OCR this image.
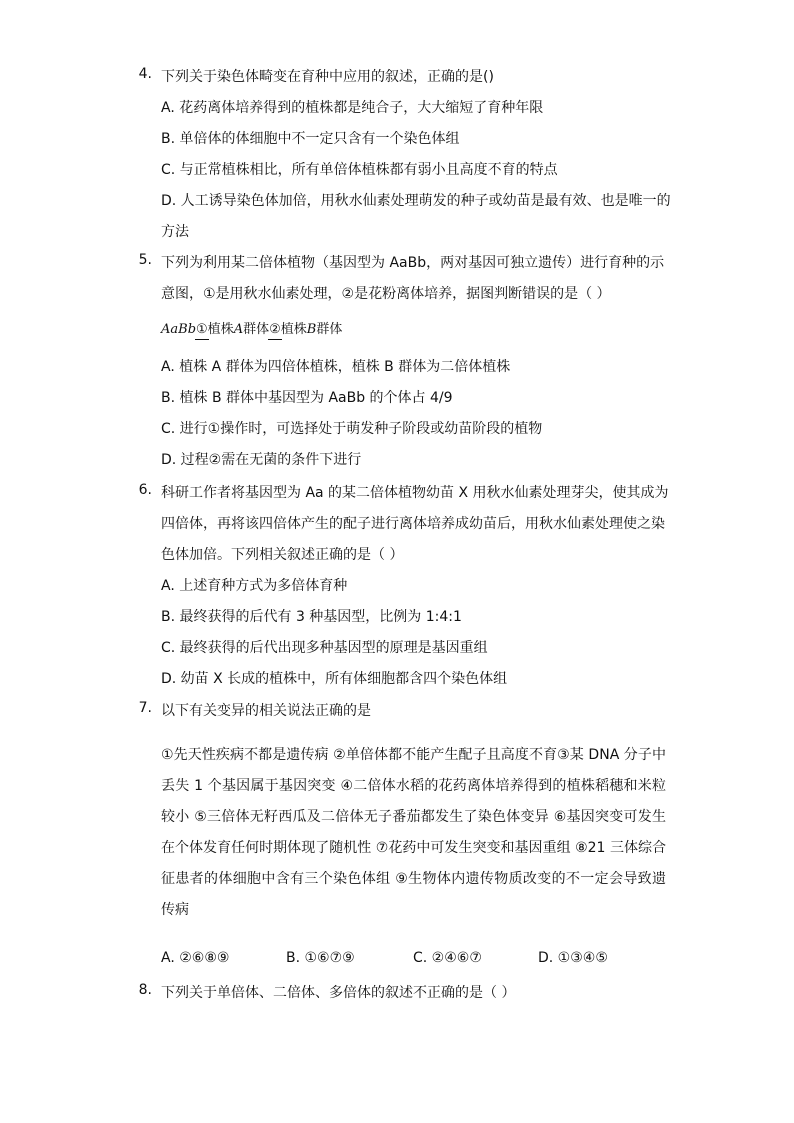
4. 下列关于染色体畸变在育种中应用的叙述，正确的是()
A. 花药离体培养得到的植株都是纯合子，大大缩短了育种年限
B. 单倍体的体细胞中不一定只含有一个染色体组
C. 与正常植株相比，所有单倍体植株都有弱小且高度不育的特点
D. 人工诱导染色体加倍，用秋水仙素处理萌发的种子或幼苗是最有效、也是唯一的方法
5. 下列为利用某二倍体植物（基因型为 AaBb，两对基因可独立遗传）进行育种的示意图，①是用秋水仙素处理，②是花粉离体培养，据图判断错误的是（ ）
AaBb①植株A群体②植株B群体
A. 植株 A 群体为四倍体植株，植株 B 群体为二倍体植株
B. 植株 B 群体中基因型为 AaBb 的个体占 4/9
C. 进行①操作时，可选择处于萌发种子阶段或幼苗阶段的植物
D. 过程②需在无菌的条件下进行
6. 科研工作者将基因型为 Aa 的某二倍体植物幼苗 X 用秋水仙素处理芽尖，使其成为四倍体，再将该四倍体产生的配子进行离体培养成幼苗后，用秋水仙素处理使之染色体加倍。下列相关叙述正确的是（ ）
A. 上述育种方式为多倍体育种
B. 最终获得的后代有 3 种基因型，比例为 1:4:1
C. 最终获得的后代出现多种基因型的原理是基因重组
D. 幼苗 X 长成的植株中，所有体细胞都含四个染色体组
7. 以下有关变异的相关说法正确的是
①先天性疾病不都是遗传病 ②单倍体都不能产生配子且高度不育③某 DNA 分子中丢失 1 个基因属于基因突变 ④二倍体水稻的花药离体培养得到的植株稻穗和米粒较小 ⑤三倍体无籽西瓜及二倍体无子番茄都发生了染色体变异 ⑥基因突变可发生在个体发育任何时期体现了随机性 ⑦花药中可发生突变和基因重组 ⑧21 三体综合征患者的体细胞中含有三个染色体组 ⑨生物体内遗传物质改变的不一定会导致遗传病
A. ②⑥⑧⑨	B. ①⑥⑦⑨	C. ②④⑥⑦	D. ①③④⑤
8. 下列关于单倍体、二倍体、多倍体的叙述不正确的是（ ）
